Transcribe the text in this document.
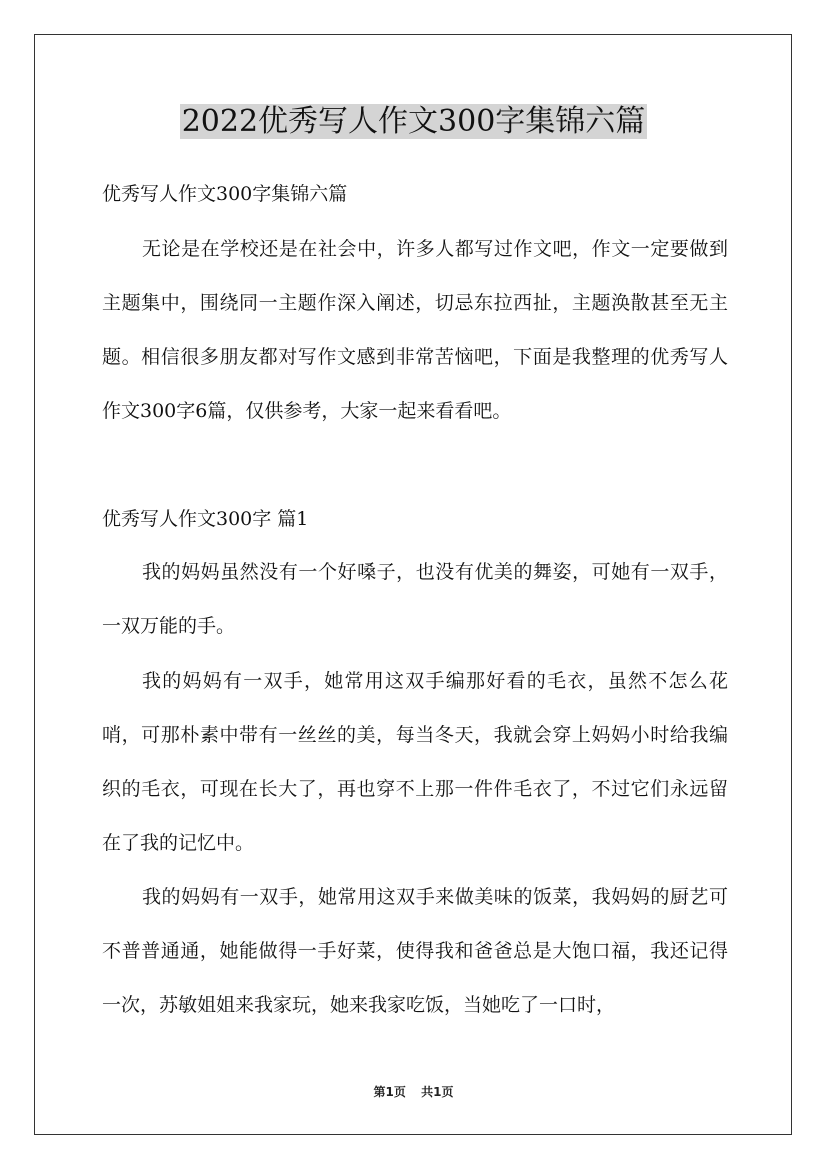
2022优秀写人作文300字集锦六篇

优秀写人作文300字集锦六篇

无论是在学校还是在社会中，许多人都写过作文吧，作文一定要做到主题集中，围绕同一主题作深入阐述，切忌东拉西扯，主题涣散甚至无主题。相信很多朋友都对写作文感到非常苦恼吧，下面是我整理的优秀写人作文300字6篇，仅供参考，大家一起来看看吧。

优秀写人作文300字 篇1

我的妈妈虽然没有一个好嗓子，也没有优美的舞姿，可她有一双手，一双万能的手。

我的妈妈有一双手，她常用这双手编那好看的毛衣，虽然不怎么花哨，可那朴素中带有一丝丝的美，每当冬天，我就会穿上妈妈小时给我编织的毛衣，可现在长大了，再也穿不上那一件件毛衣了，不过它们永远留在了我的记忆中。

我的妈妈有一双手，她常用这双手来做美味的饭菜，我妈妈的厨艺可不普普通通，她能做得一手好菜，使得我和爸爸总是大饱口福，我还记得一次，苏敏姐姐来我家玩，她来我家吃饭，当她吃了一口时，

第1页 共1页
